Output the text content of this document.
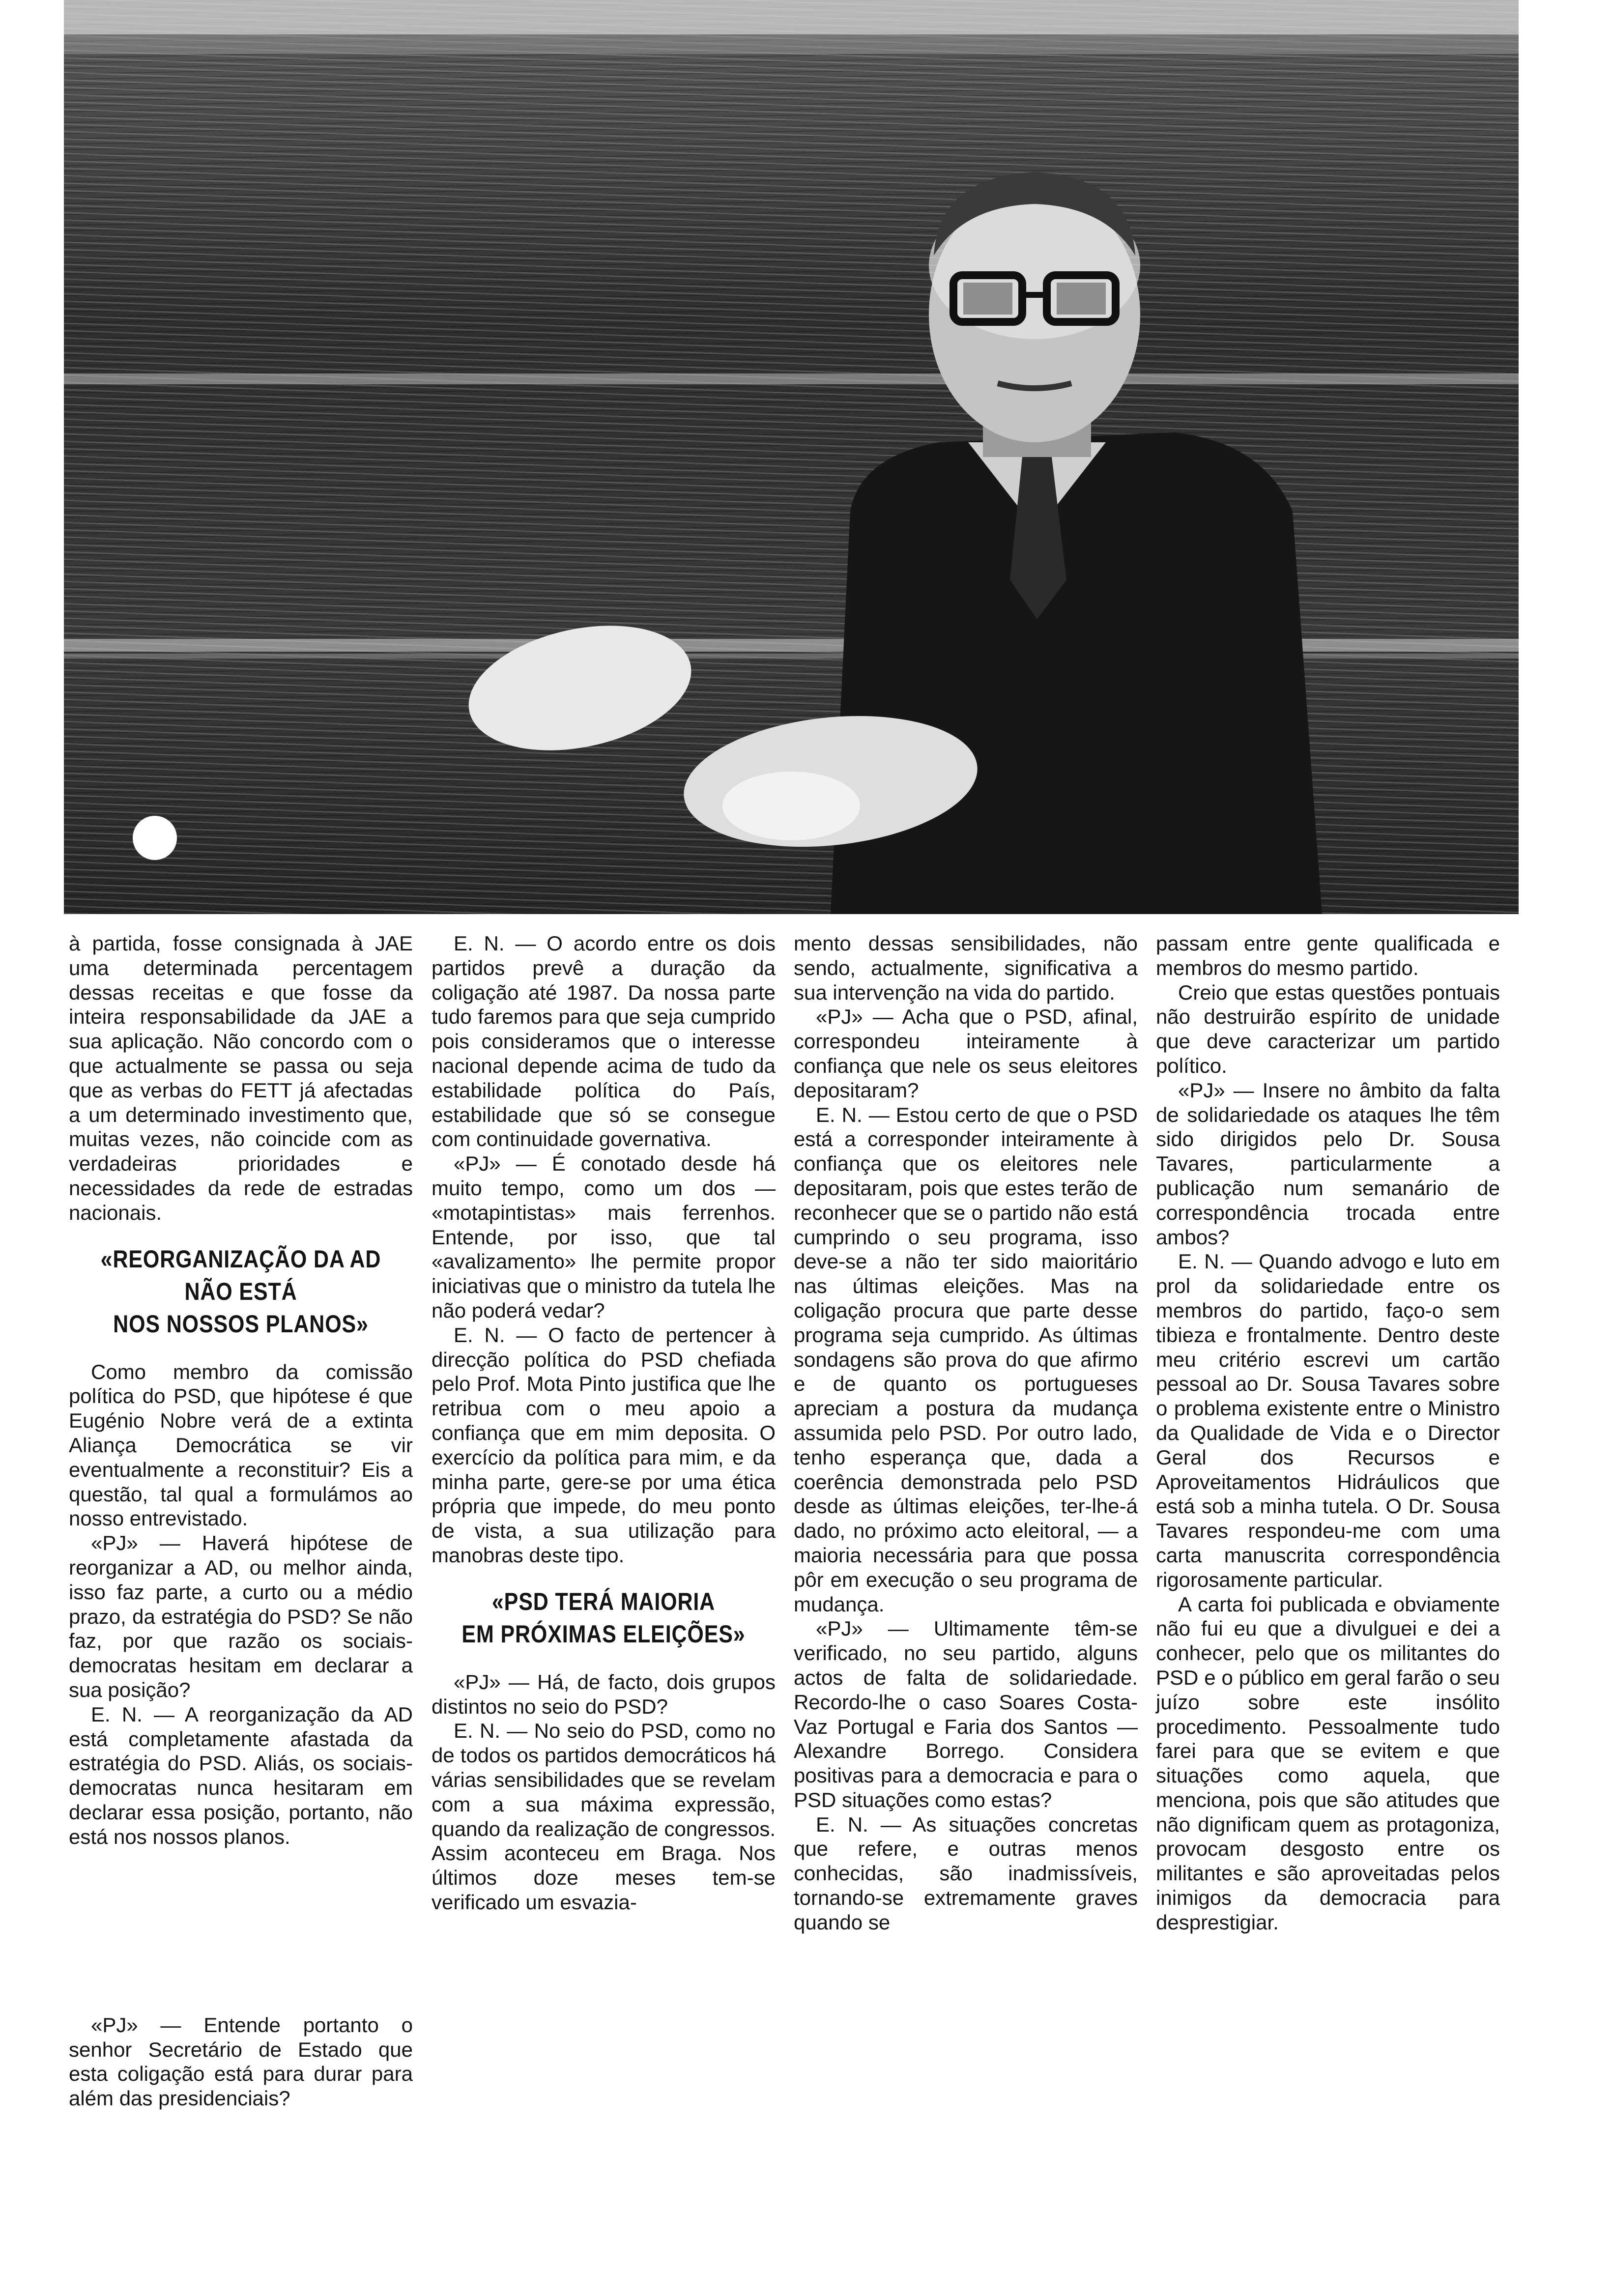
à partida, fosse consignada à JAE uma determinada percentagem dessas receitas e que fosse da inteira responsabilidade da JAE a sua aplicação. Não concordo com o que actualmente se passa ou seja que as verbas do FETT já afectadas a um determinado investimento que, muitas vezes, não coincide com as verdadeiras prioridades e necessidades da rede de estradas nacionais.

«REORGANIZAÇÃO DA AD
NÃO ESTÁ
NOS NOSSOS PLANOS»

Como membro da comissão política do PSD, que hipótese é que Eugénio Nobre verá de a extinta Aliança Democrática se vir eventualmente a reconstituir? Eis a questão, tal qual a formulámos ao nosso entrevistado.

«PJ» — Haverá hipótese de reorganizar a AD, ou melhor ainda, isso faz parte, a curto ou a médio prazo, da estratégia do PSD? Se não faz, por que razão os sociais-democratas hesitam em declarar a sua posição?

E. N. — A reorganização da AD está completamente afastada da estratégia do PSD. Aliás, os sociais-democratas nunca hesitaram em declarar essa posição, portanto, não está nos nossos planos.

«PJ» — Entende portanto o senhor Secretário de Estado que esta coligação está para durar para além das presidenciais?

E. N. — O acordo entre os dois partidos prevê a duração da coligação até 1987. Da nossa parte tudo faremos para que seja cumprido pois consideramos que o interesse nacional depende acima de tudo da estabilidade política do País, estabilidade que só se consegue com continuidade governativa.

«PJ» — É conotado desde há muito tempo, como um dos — «motapintistas» mais ferrenhos. Entende, por isso, que tal «avalizamento» lhe permite propor iniciativas que o ministro da tutela lhe não poderá vedar?

E. N. — O facto de pertencer à direcção política do PSD chefiada pelo Prof. Mota Pinto justifica que lhe retribua com o meu apoio a confiança que em mim deposita. O exercício da política para mim, e da minha parte, gere-se por uma ética própria que impede, do meu ponto de vista, a sua utilização para manobras deste tipo.

«PSD TERÁ MAIORIA
EM PRÓXIMAS ELEIÇÕES»

«PJ» — Há, de facto, dois grupos distintos no seio do PSD?

E. N. — No seio do PSD, como no de todos os partidos democráticos há várias sensibilidades que se revelam com a sua máxima expressão, quando da realização de congressos. Assim aconteceu em Braga. Nos últimos doze meses tem-se verificado um esvazia-

mento dessas sensibilidades, não sendo, actualmente, significativa a sua intervenção na vida do partido.

«PJ» — Acha que o PSD, afinal, correspondeu inteiramente à confiança que nele os seus eleitores depositaram?

E. N. — Estou certo de que o PSD está a corresponder inteiramente à confiança que os eleitores nele depositaram, pois que estes terão de reconhecer que se o partido não está cumprindo o seu programa, isso deve-se a não ter sido maioritário nas últimas eleições. Mas na coligação procura que parte desse programa seja cumprido. As últimas sondagens são prova do que afirmo e de quanto os portugueses apreciam a postura da mudança assumida pelo PSD. Por outro lado, tenho esperança que, dada a coerência demonstrada pelo PSD desde as últimas eleições, ter-lhe-á dado, no próximo acto eleitoral, — a maioria necessária para que possa pôr em execução o seu programa de mudança.

«PJ» — Ultimamente têm-se verificado, no seu partido, alguns actos de falta de solidariedade. Recordo-lhe o caso Soares Costa-Vaz Portugal e Faria dos Santos — Alexandre Borrego. Considera positivas para a democracia e para o PSD situações como estas?

E. N. — As situações concretas que refere, e outras menos conhecidas, são inadmissíveis, tornando-se extremamente graves quando se

passam entre gente qualificada e membros do mesmo partido.

Creio que estas questões pontuais não destruirão espírito de unidade que deve caracterizar um partido político.

«PJ» — Insere no âmbito da falta de solidariedade os ataques lhe têm sido dirigidos pelo Dr. Sousa Tavares, particularmente a publicação num semanário de correspondência trocada entre ambos?

E. N. — Quando advogo e luto em prol da solidariedade entre os membros do partido, faço-o sem tibieza e frontalmente. Dentro deste meu critério escrevi um cartão pessoal ao Dr. Sousa Tavares sobre o problema existente entre o Ministro da Qualidade de Vida e o Director Geral dos Recursos e Aproveitamentos Hidráulicos que está sob a minha tutela. O Dr. Sousa Tavares respondeu-me com uma carta manuscrita correspondência rigorosamente particular.

A carta foi publicada e obviamente não fui eu que a divulguei e dei a conhecer, pelo que os militantes do PSD e o público em geral farão o seu juízo sobre este insólito procedimento. Pessoalmente tudo farei para que se evitem e que situações como aquela, que menciona, pois que são atitudes que não dignificam quem as protagoniza, provocam desgosto entre os militantes e são aproveitadas pelos inimigos da democracia para desprestigiar.
